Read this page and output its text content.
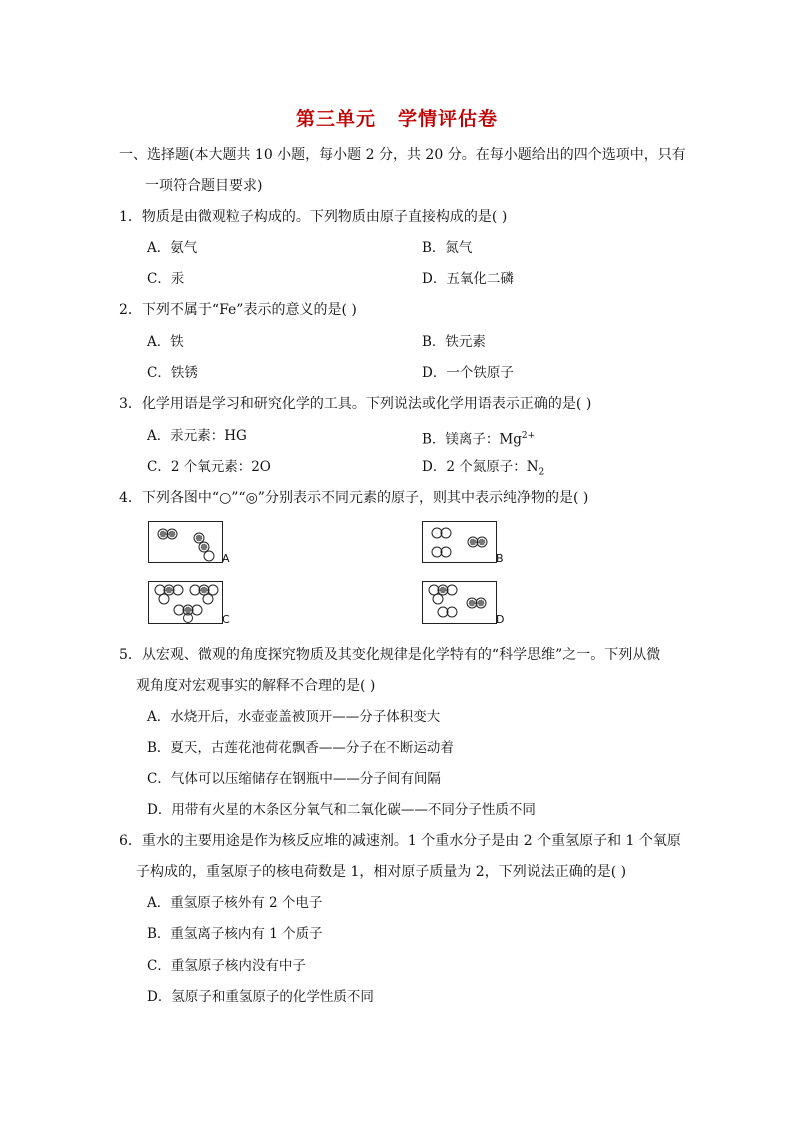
第三单元 学情评估卷
一、选择题(本大题共 10 小题，每小题 2 分，共 20 分。在每小题给出的四个选项中，只有
一项符合题目要求)
1．物质是由微观粒子构成的。下列物质由原子直接构成的是( )
A．氨气	B．氮气
C．汞	D．五氧化二磷
2．下列不属于“Fe”表示的意义的是( )
A．铁	B．铁元素
C．铁锈	D．一个铁原子
3．化学用语是学习和研究化学的工具。下列说法或化学用语表示正确的是( )
A．汞元素：HG	B．镁离子：$Mg^{2+}$
C．2 个氧元素：2O	D．2 个氮原子：$N_2$
4．下列各图中“○”“◎”分别表示不同元素的原子，则其中表示纯净物的是( )
A	B
C	D
5．从宏观、微观的角度探究物质及其变化规律是化学特有的“科学思维”之一。下列从微
观角度对宏观事实的解释不合理的是( )
A．水烧开后，水壶壶盖被顶开——分子体积变大
B．夏天，古莲花池荷花飘香——分子在不断运动着
C．气体可以压缩储存在钢瓶中——分子间有间隔
D．用带有火星的木条区分氧气和二氧化碳——不同分子性质不同
6．重水的主要用途是作为核反应堆的减速剂。1 个重水分子是由 2 个重氢原子和 1 个氧原
子构成的，重氢原子的核电荷数是 1，相对原子质量为 2，下列说法正确的是( )
A．重氢原子核外有 2 个电子
B．重氢离子核内有 1 个质子
C．重氢原子核内没有中子
D．氢原子和重氢原子的化学性质不同
